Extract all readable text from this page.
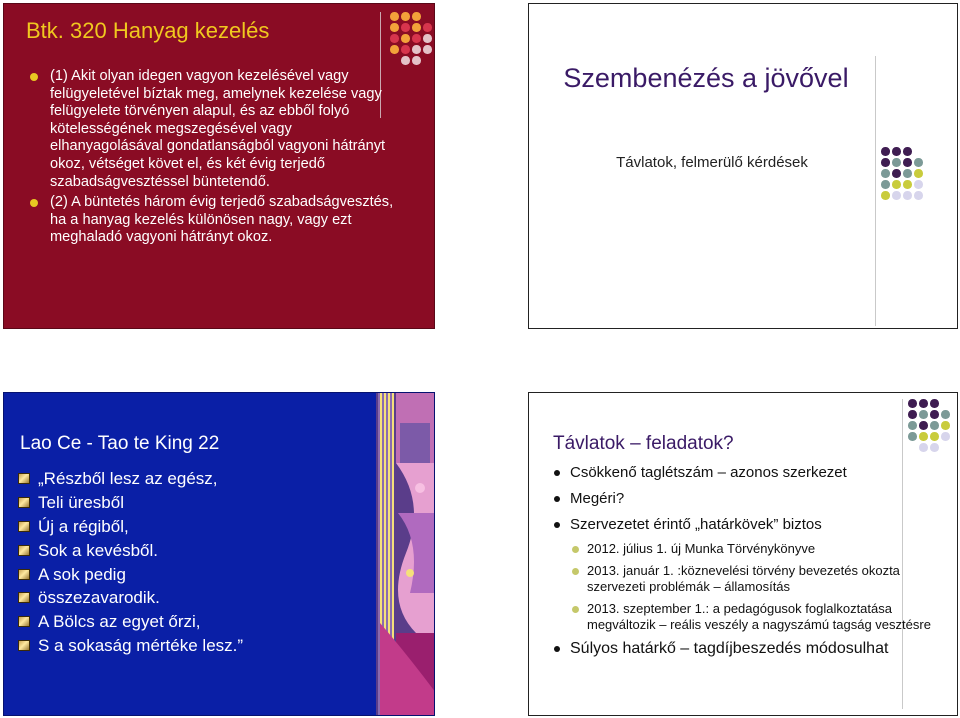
Btk. 320 Hanyag kezelés
(1) Akit olyan idegen vagyon kezelésével vagy felügyeletével bíztak meg, amelynek kezelése vagy felügyelete törvényen alapul, és az ebből folyó kötelességének megszegésével vagy elhanyagolásával gondatlanságból vagyoni hátrányt okoz, vétséget követ el, és két évig terjedő szabadságvesztéssel büntetendő.
(2) A büntetés három évig terjedő szabadságvesztés, ha a hanyag kezelés különösen nagy, vagy ezt meghaladó vagyoni hátrányt okoz.
Szembenézés a jövővel
Távlatok, felmerülő kérdések
Lao Ce - Tao te King 22
„Részből lesz az egész,
Teli üresből
Új a régiből,
Sok a kevésből.
A sok pedig
összezavarodik.
A Bölcs az egyet őrzi,
S a sokaság mértéke lesz.”
Távlatok – feladatok?
Csökkenő taglétszám – azonos szerkezet
Megéri?
Szervezetet érintő „határkövek” biztos
2012. július 1. új Munka Törvénykönyve
2013. január 1. :köznevelési törvény bevezetés okozta szervezeti problémák – államosítás
2013. szeptember 1.: a pedagógusok foglalkoztatása megváltozik – reális veszély a nagyszámú tagság vesztésre
Súlyos határkő – tagdíjbeszedés módosulhat
